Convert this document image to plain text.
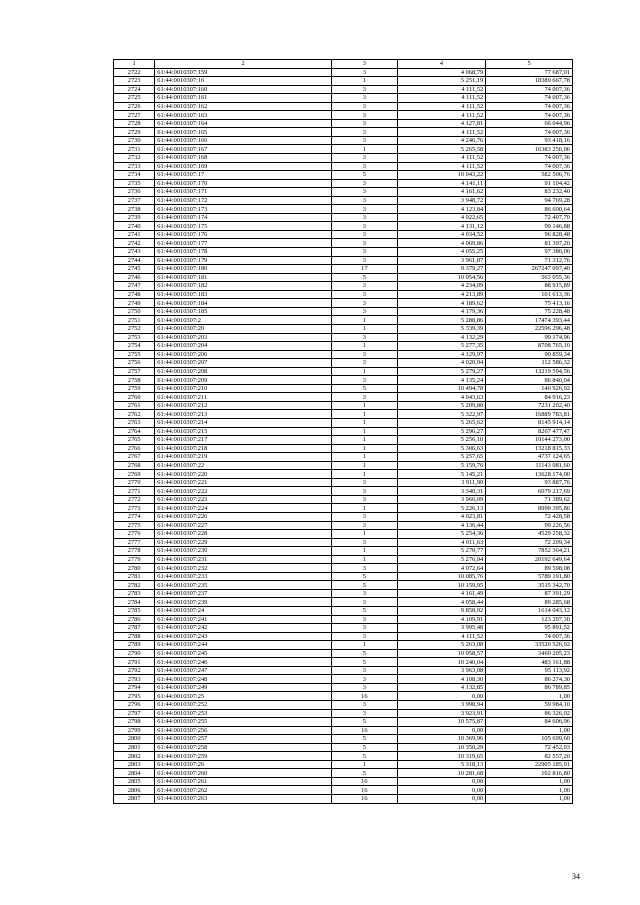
1	2	3	4	5
2722	61:44:0010307:159	3	4 068,79	77 687,01
2723	61:44:0010307:16	1	5 251,19	18389 667,78
2724	61:44:0010307:160	3	4 111,52	74 007,36
2725	61:44:0010307:161	3	4 111,52	74 007,36
2726	61:44:0010307:162	3	4 111,52	74 007,36
2727	61:44:0010307:163	3	4 111,52	74 007,36
2728	61:44:0010307:164	3	4 127,81	66 044,96
2729	61:44:0010307:165	3	4 111,52	74 007,36
2730	61:44:0010307:166	3	4 246,76	93 418,16
2731	61:44:0010307:167	1	5 265,58	16383 256,06
2732	61:44:0010307:168	3	4 111,52	74 007,36
2733	61:44:0010307:169	3	4 111,52	74 007,36
2734	61:44:0010307:17	5	10 043,22	582 506,76
2735	61:44:0010307:170	3	4 141,11	91 104,42
2736	61:44:0010307:171	3	4 161,62	83 232,40
2737	61:44:0010307:172	3	3 948,72	94 769,28
2738	61:44:0010307:173	3	4 123,84	86 600,64
2739	61:44:0010307:174	3	4 022,65	72 407,70
2740	61:44:0010307:175	3	4 131,12	99 146,88
2741	61:44:0010307:176	3	4 034,52	96 828,48
2742	61:44:0010307:177	3	4 069,86	81 397,20
2743	61:44:0010307:178	3	4 055,25	97 386,00
2744	61:44:0010307:179	3	3 961,87	71 312,76
2745	61:44:0010307:180	17	9 379,27	267247 097,40
2746	61:44:0010307:181	5	10 054,56	563 055,36
2747	61:44:0010307:182	3	4 234,09	88 915,89
2748	61:44:0010307:183	3	4 213,89	101 613,36
2749	61:44:0010307:184	3	4 189,62	75 413,16
2750	61:44:0010307:185	3	4 179,36	75 228,48
2751	61:44:0010307:2	1	5 288,86	17474 393,44
2752	61:44:0010307:20	1	5 339,39	22596 296,48
2753	61:44:0010307:203	3	4 132,29	99 174,96
2754	61:44:0010307:204	1	5 277,35	8708 765,10
2755	61:44:0010307:206	3	4 129,97	90 859,34
2756	61:44:0010307:207	3	4 020,94	112 586,32
2757	61:44:0010307:208	1	5 279,27	13219 594,56
2758	61:44:0010307:209	3	4 135,24	86 840,04
2759	61:44:0010307:210	5	10 494,78	146 926,92
2760	61:44:0010307:211	3	4 043,63	84 916,23
2761	61:44:0010307:212	1	5 209,80	7231 202,40
2762	61:44:0010307:213	1	5 322,97	16889 783,81
2763	61:44:0010307:214	1	5 265,62	8145 914,14
2764	61:44:0010307:215	1	5 296,27	8267 477,47
2765	61:44:0010307:217	1	5 256,10	10144 273,00
2766	61:44:0010307:218	1	5 306,63	13218 815,33
2767	61:44:0010307:219	1	5 257,65	4737 124,65
2768	61:44:0010307:22	1	5 159,76	11143 081,60
2769	61:44:0010307:220	1	5 145,21	13628 174,00
2770	61:44:0010307:221	3	3 911,90	93 887,76
2771	61:44:0010307:222	3	3 340,31	6079 217,69
2772	61:44:0010307:223	3	3 966,09	71 389,62
2773	61:44:0010307:224	1	5 226,13	8999 395,86
2774	61:44:0010307:226	3	4 023,81	72 428,58
2775	61:44:0010307:227	3	4 136,44	99 226,56
2776	61:44:0010307:228	1	5 254,36	4529 258,32
2777	61:44:0010307:229	3	4 011,63	72 209,34
2778	61:44:0010307:230	1	5 270,77	7852 364,21
2779	61:44:0010307:231	1	5 276,94	20192 649,64
2780	61:44:0010307:232	3	4 072,64	89 598,08
2781	61:44:0010307:233	5	10 085,76	5789 191,80
2782	61:44:0010307:235	5	10 159,95	3515 342,70
2783	61:44:0010307:237	3	4 161,49	87 391,29
2784	61:44:0010307:239	3	4 058,44	89 285,68
2785	61:44:0010307:24	5	9 858,92	1614 043,12
2786	61:44:0010307:241	3	4 109,91	123 297,30
2787	61:44:0010307:242	3	3 995,48	95 891,52
2788	61:44:0010307:243	3	4 111,52	74 007,36
2789	61:44:0010307:244	1	5 263,08	33520 526,92
2790	61:44:0010307:245	5	10 058,57	3460 205,23
2791	61:44:0010307:246	5	10 240,04	483 161,88
2792	61:44:0010307:247	3	3 963,08	95 113,92
2793	61:44:0010307:248	3	4 108,30	86 274,30
2794	61:44:0010307:249	3	4 132,85	86 789,85
2795	61:44:0010307:25	16	0,00	1,00
2796	61:44:0010307:252	3	3 998,94	59 984,10
2797	61:44:0010307:253	3	3 923,91	86 326,02
2798	61:44:0010307:255	5	10 575,87	84 606,96
2799	61:44:0010307:256	16	0,00	1,00
2800	61:44:0010307:257	5	10 369,96	105 699,60
2801	61:44:0010307:258	5	10 350,29	72 452,03
2802	61:44:0010307:259	5	10 319,65	82 557,20
2803	61:44:0010307:26	1	5 318,13	22905 185,91
2804	61:44:0010307:260	5	10 281,68	102 816,80
2805	61:44:0010307:261	16	0,00	1,00
2806	61:44:0010307:262	16	0,00	1,00
2807	61:44:0010307:263	16	0,00	1,00
34
